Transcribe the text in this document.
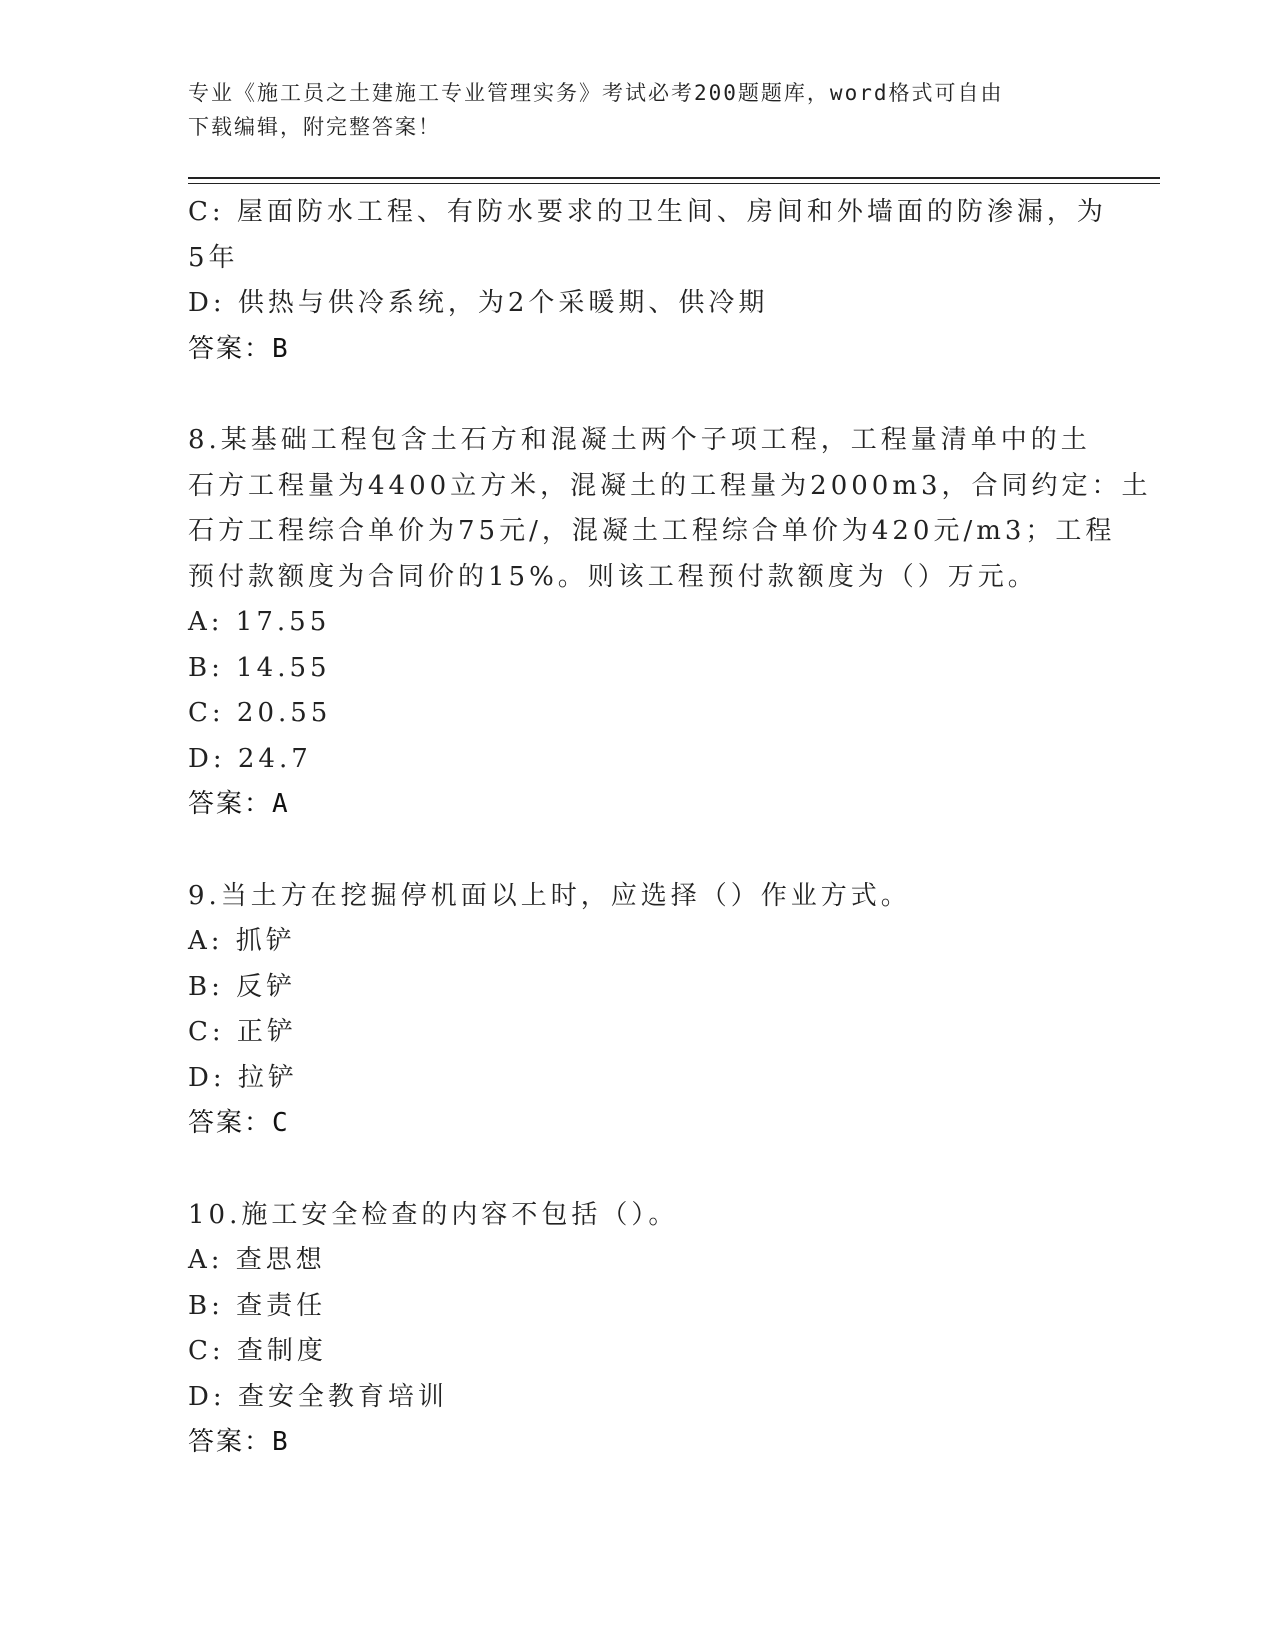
专业《施工员之土建施工专业管理实务》考试必考200题题库，word格式可自由
下载编辑，附完整答案！
C: 屋面防水工程、有防水要求的卫生间、房间和外墙面的防渗漏，为
5年
D: 供热与供冷系统，为2个采暖期、供冷期
答案：B
8.某基础工程包含土石方和混凝土两个子项工程，工程量清单中的土
石方工程量为4400立方米，混凝土的工程量为2000m3，合同约定：土
石方工程综合单价为75元/，混凝土工程综合单价为420元/m3；工程
预付款额度为合同价的15%。则该工程预付款额度为（）万元。
A: 17.55
B: 14.55
C: 20.55
D: 24.7
答案：A
9.当土方在挖掘停机面以上时，应选择（）作业方式。
A: 抓铲
B: 反铲
C: 正铲
D: 拉铲
答案：C
10.施工安全检查的内容不包括（）。
A: 查思想
B: 查责任
C: 查制度
D: 查安全教育培训
答案：B
